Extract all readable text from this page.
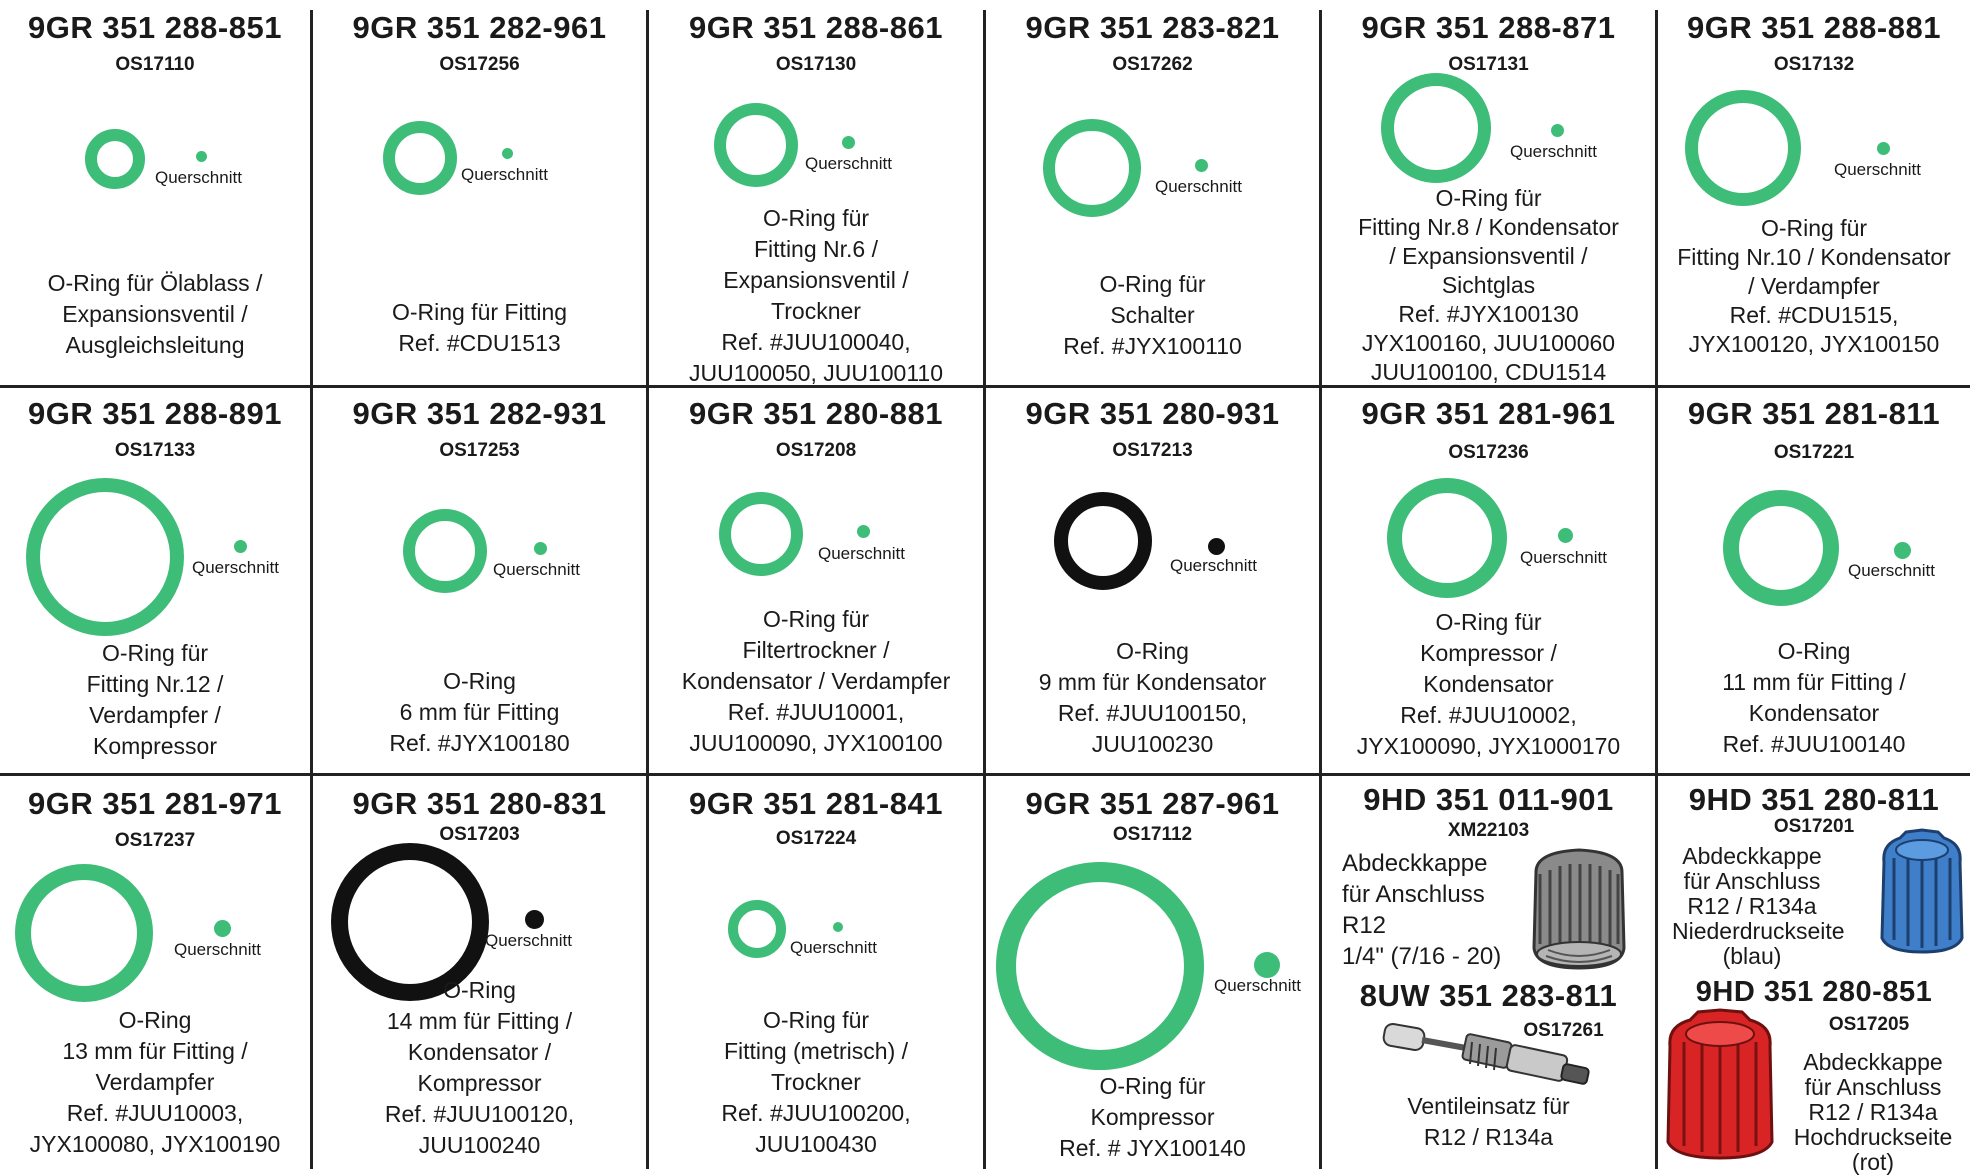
9GR 351 288-851
OS17110
Querschnitt
O-Ring für Ölablass /
Expansionsventil /
Ausgleichsleitung
9GR 351 282-961
OS17256
Querschnitt
O-Ring für Fitting
Ref. #CDU1513
9GR 351 288-861
OS17130
Querschnitt
O-Ring für
Fitting Nr.6 /
Expansionsventil /
Trockner
Ref. #JUU100040,
JUU100050, JUU100110
9GR 351 283-821
OS17262
Querschnitt
O-Ring für
Schalter
Ref. #JYX100110
9GR 351 288-871
OS17131
Querschnitt
O-Ring für
Fitting Nr.8 / Kondensator
/ Expansionsventil /
Sichtglas
Ref. #JYX100130
JYX100160, JUU100060
JUU100100, CDU1514
9GR 351 288-881
OS17132
Querschnitt
O-Ring für
Fitting Nr.10 / Kondensator
/ Verdampfer
Ref. #CDU1515,
JYX100120, JYX100150
9GR 351 288-891
OS17133
Querschnitt
O-Ring für
Fitting Nr.12 /
Verdampfer /
Kompressor
9GR 351 282-931
OS17253
Querschnitt
O-Ring
6 mm für Fitting
Ref. #JYX100180
9GR 351 280-881
OS17208
Querschnitt
O-Ring für
Filtertrockner /
Kondensator / Verdampfer
Ref. #JUU10001,
JUU100090, JYX100100
9GR 351 280-931
OS17213
Querschnitt
O-Ring
9 mm für Kondensator
Ref. #JUU100150,
JUU100230
9GR 351 281-961
OS17236
Querschnitt
O-Ring für
Kompressor /
Kondensator
Ref. #JUU10002,
JYX100090, JYX1000170
9GR 351 281-811
OS17221
Querschnitt
O-Ring
11 mm für Fitting /
Kondensator
Ref. #JUU100140
9GR 351 281-971
OS17237
Querschnitt
O-Ring
13 mm für Fitting /
Verdampfer
Ref. #JUU10003,
JYX100080, JYX100190
9GR 351 280-831
OS17203
Querschnitt
O-Ring
14 mm für Fitting /
Kondensator /
Kompressor
Ref. #JUU100120,
JUU100240
9GR 351 281-841
OS17224
Querschnitt
O-Ring für
Fitting (metrisch) /
Trockner
Ref. #JUU100200,
JUU100430
9GR 351 287-961
OS17112
Querschnitt
O-Ring für
Kompressor
Ref. # JYX100140
9HD 351 011-901
XM22103
Abdeckkappe
für Anschluss
R12
1/4" (7/16 - 20)
8UW 351 283-811
OS17261
Ventileinsatz für
R12 / R134a
9HD 351 280-811
OS17201
Abdeckkappe
für Anschluss
R12 / R134a
Niederdruckseite
(blau)
9HD 351 280-851
OS17205
Abdeckkappe
für Anschluss
R12 / R134a
Hochdruckseite
(rot)
